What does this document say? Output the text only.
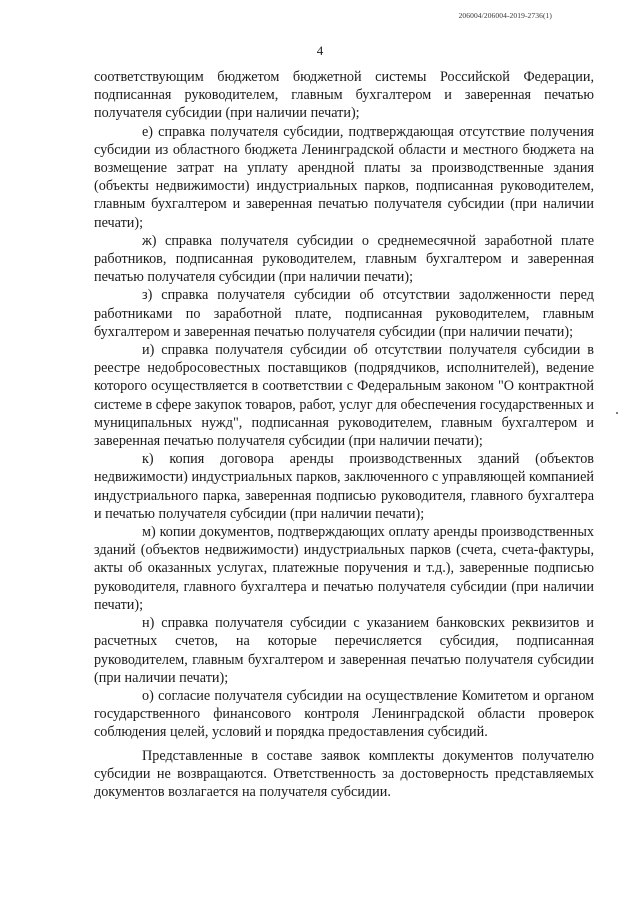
206004/206004-2019-2736(1)
4

соответствующим бюджетом бюджетной системы Российской Федерации, подписанная руководителем, главным бухгалтером и заверенная печатью получателя субсидии (при наличии печати);

е) справка получателя субсидии, подтверждающая отсутствие получения субсидии из областного бюджета Ленинградской области и местного бюджета на возмещение затрат на уплату арендной платы за производственные здания (объекты недвижимости) индустриальных парков, подписанная руководителем, главным бухгалтером и заверенная печатью получателя субсидии (при наличии печати);

ж) справка получателя субсидии о среднемесячной заработной плате работников, подписанная руководителем, главным бухгалтером и заверенная печатью получателя субсидии (при наличии печати);

з) справка получателя субсидии об отсутствии задолженности перед работниками по заработной плате, подписанная руководителем, главным бухгалтером и заверенная печатью получателя субсидии (при наличии печати);

и) справка получателя субсидии об отсутствии получателя субсидии в реестре недобросовестных поставщиков (подрядчиков, исполнителей), ведение которого осуществляется в соответствии с Федеральным законом "О контрактной системе в сфере закупок товаров, работ, услуг для обеспечения государственных и муниципальных нужд", подписанная руководителем, главным бухгалтером и заверенная печатью получателя субсидии (при наличии печати);

к) копия договора аренды производственных зданий (объектов недвижимости) индустриальных парков, заключенного с управляющей компанией индустриального парка, заверенная подписью руководителя, главного бухгалтера и печатью получателя субсидии (при наличии печати);

м) копии документов, подтверждающих оплату аренды производственных зданий (объектов недвижимости) индустриальных парков (счета, счета-фактуры, акты об оказанных услугах, платежные поручения и т.д.), заверенные подписью руководителя, главного бухгалтера и печатью получателя субсидии (при наличии печати);

н) справка получателя субсидии с указанием банковских реквизитов и расчетных счетов, на которые перечисляется субсидия, подписанная руководителем, главным бухгалтером и заверенная печатью получателя субсидии (при наличии печати);

о) согласие получателя субсидии на осуществление Комитетом и органом государственного финансового контроля Ленинградской области проверок соблюдения целей, условий и порядка предоставления субсидий.

Представленные в составе заявок комплекты документов получателю субсидии не возвращаются. Ответственность за достоверность представляемых документов возлагается на получателя субсидии.
